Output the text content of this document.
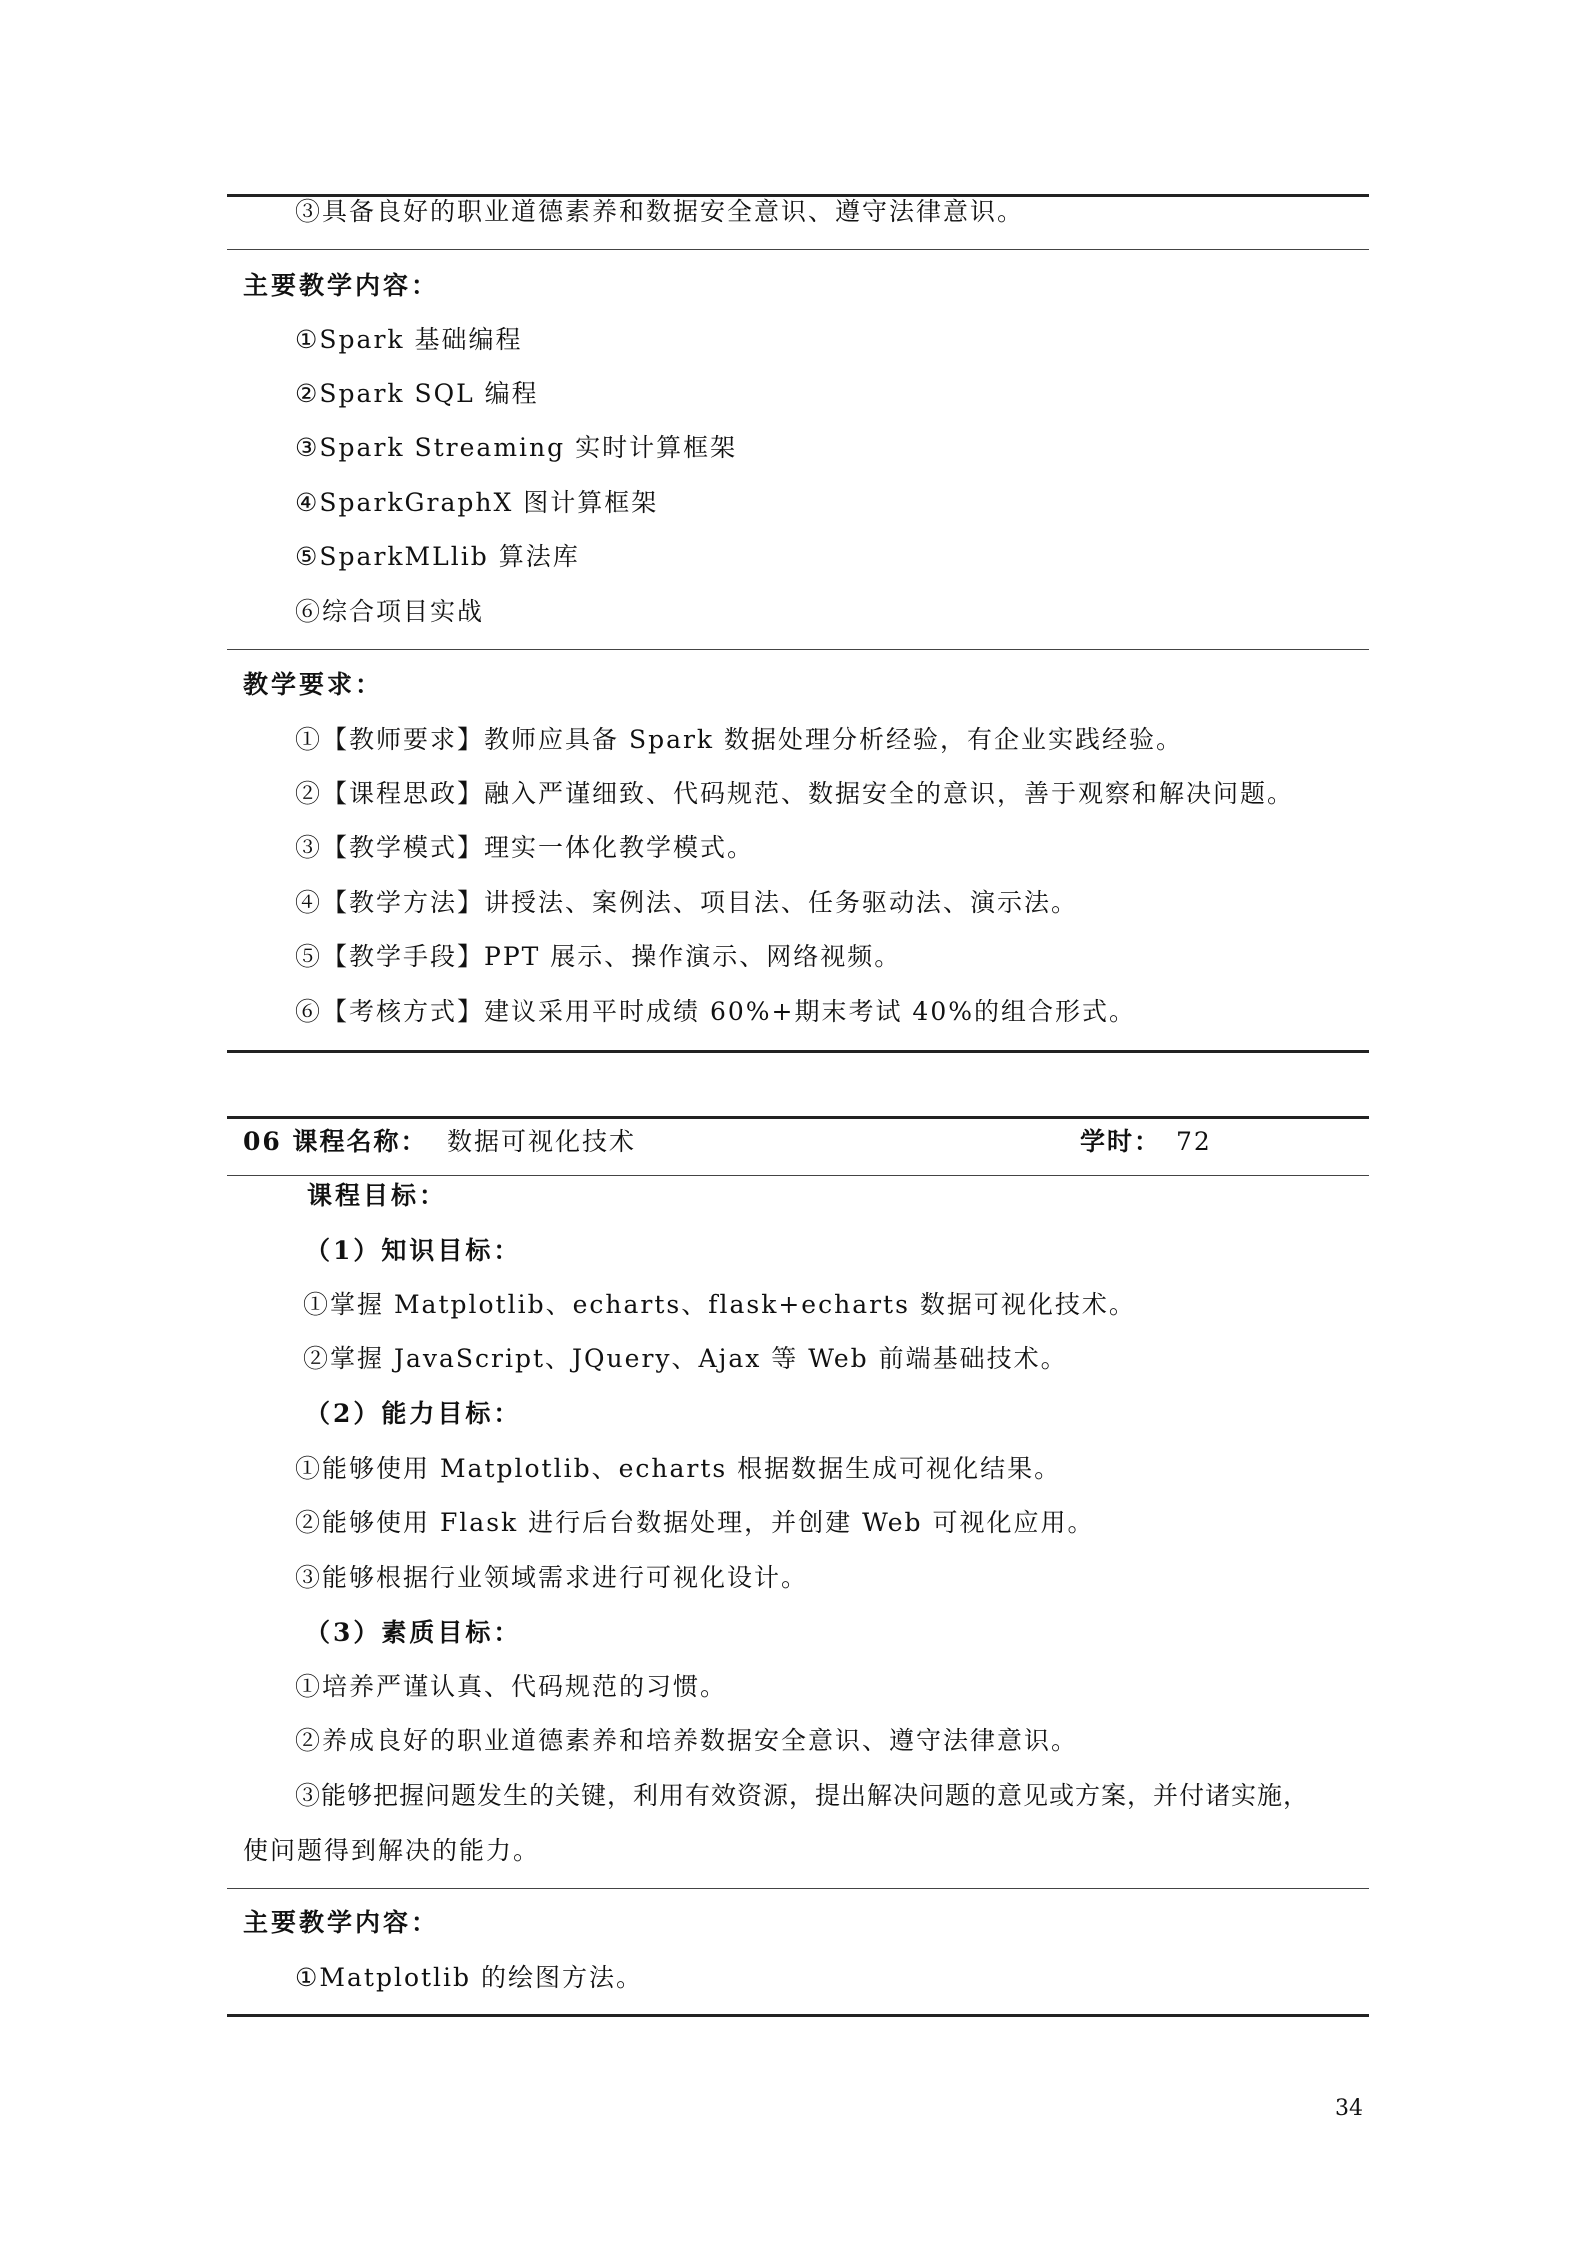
③具备良好的职业道德素养和数据安全意识、遵守法律意识。
主要教学内容：
①Spark 基础编程
②Spark SQL 编程
③Spark Streaming 实时计算框架
④SparkGraphX 图计算框架
⑤SparkMLlib 算法库
⑥综合项目实战
教学要求：
①【教师要求】教师应具备 Spark 数据处理分析经验，有企业实践经验。
②【课程思政】融入严谨细致、代码规范、数据安全的意识，善于观察和解决问题。
③【教学模式】理实一体化教学模式。
④【教学方法】讲授法、案例法、项目法、任务驱动法、演示法。
⑤【教学手段】PPT 展示、操作演示、网络视频。
⑥【考核方式】建议采用平时成绩 60%+期末考试 40%的组合形式。
06 课程名称： 数据可视化技术	学时： 72
课程目标：
（1）知识目标：
①掌握 Matplotlib、echarts、flask+echarts 数据可视化技术。
②掌握 JavaScript、JQuery、Ajax 等 Web 前端基础技术。
（2）能力目标：
①能够使用 Matplotlib、echarts 根据数据生成可视化结果。
②能够使用 Flask 进行后台数据处理，并创建 Web 可视化应用。
③能够根据行业领域需求进行可视化设计。
（3）素质目标：
①培养严谨认真、代码规范的习惯。
②养成良好的职业道德素养和培养数据安全意识、遵守法律意识。
③能够把握问题发生的关键，利用有效资源，提出解决问题的意见或方案，并付诸实施，
使问题得到解决的能力。
主要教学内容：
①Matplotlib 的绘图方法。
34
